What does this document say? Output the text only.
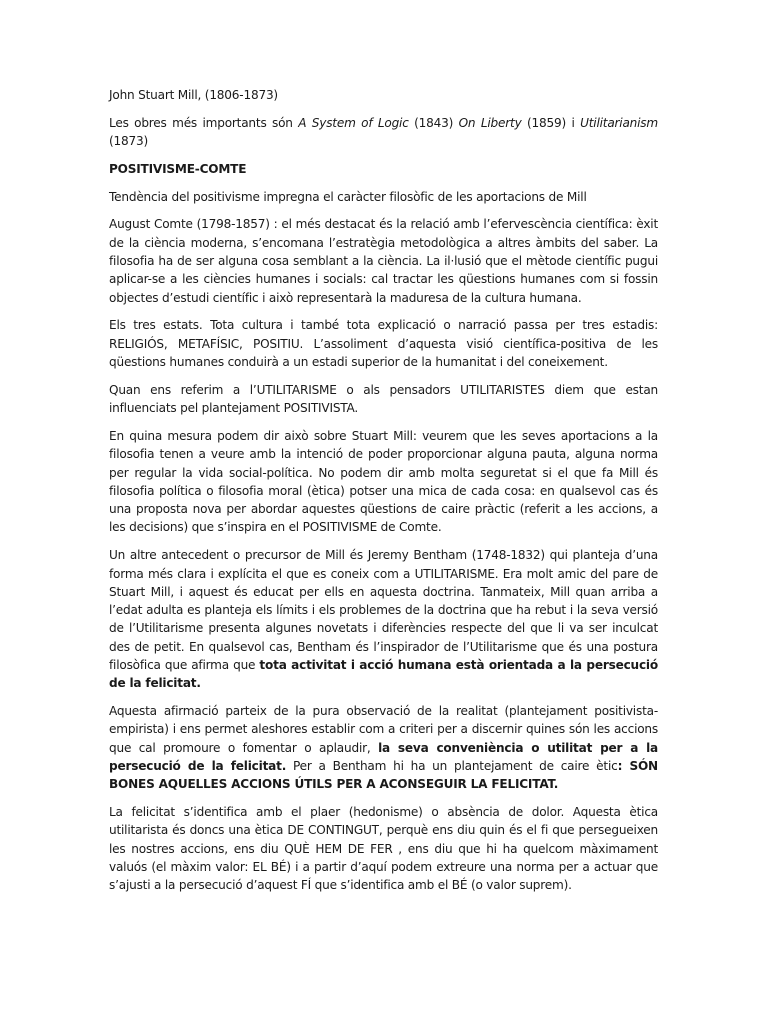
John Stuart Mill, (1806-1873)

Les obres més importants són A System of Logic (1843) On Liberty (1859) i Utilitarianism (1873)

POSITIVISME-COMTE

Tendència del positivisme impregna el caràcter filosòfic de les aportacions de Mill

August Comte (1798-1857) : el més destacat és la relació amb l’efervescència científica: èxit de la ciència moderna, s’encomana l’estratègia metodològica a altres àmbits del saber. La filosofia ha de ser alguna cosa semblant a la ciència. La il·lusió que el mètode científic pugui aplicar-se a les ciències humanes i socials: cal tractar les qüestions humanes com si fossin objectes d’estudi científic i això representarà la maduresa de la cultura humana.

Els tres estats. Tota cultura i també tota explicació o narració passa per tres estadis: RELIGIÓS, METAFÍSIC, POSITIU. L’assoliment d’aquesta visió científica-positiva de les qüestions humanes conduirà a un estadi superior de la humanitat i del coneixement.

Quan ens referim a l’UTILITARISME o als pensadors UTILITARISTES diem que estan influenciats pel plantejament POSITIVISTA.

En quina mesura podem dir això sobre Stuart Mill: veurem que les seves aportacions a la filosofia tenen a veure amb la intenció de poder proporcionar alguna pauta, alguna norma per regular la vida social-política. No podem dir amb molta seguretat si el que fa Mill és filosofia política o filosofia moral (ètica) potser una mica de cada cosa: en qualsevol cas és una proposta nova per abordar aquestes qüestions de caire pràctic (referit a les accions, a les decisions) que s’inspira en el POSITIVISME de Comte.

Un altre antecedent o precursor de Mill és Jeremy Bentham (1748-1832) qui planteja d’una forma més clara i explícita el que es coneix com a UTILITARISME. Era molt amic del pare de Stuart Mill, i aquest és educat per ells en aquesta doctrina. Tanmateix, Mill quan arriba a l’edat adulta es planteja els límits i els problemes de la doctrina que ha rebut i la seva versió de l’Utilitarisme presenta algunes novetats i diferències respecte del que li va ser inculcat des de petit. En qualsevol cas, Bentham és l’inspirador de l’Utilitarisme que és una postura filosòfica que afirma que tota activitat i acció humana està orientada a la persecució de la felicitat.

Aquesta afirmació parteix de la pura observació de la realitat (plantejament positivista-empirista) i ens permet aleshores establir com a criteri per a discernir quines són les accions que cal promoure o fomentar o aplaudir, la seva conveniència o utilitat per a la persecució de la felicitat. Per a Bentham hi ha un plantejament de caire ètic: SÓN BONES AQUELLES ACCIONS ÚTILS PER A ACONSEGUIR LA FELICITAT.

La felicitat s’identifica amb el plaer (hedonisme) o absència de dolor. Aquesta ètica utilitarista és doncs una ètica DE CONTINGUT, perquè ens diu quin és el fi que persegueixen les nostres accions, ens diu QUÈ HEM DE FER , ens diu que hi ha quelcom màximament valuós (el màxim valor: EL BÉ) i a partir d’aquí podem extreure una norma per a actuar que s’ajusti a la persecució d’aquest FÍ que s’identifica amb el BÉ (o valor suprem).
